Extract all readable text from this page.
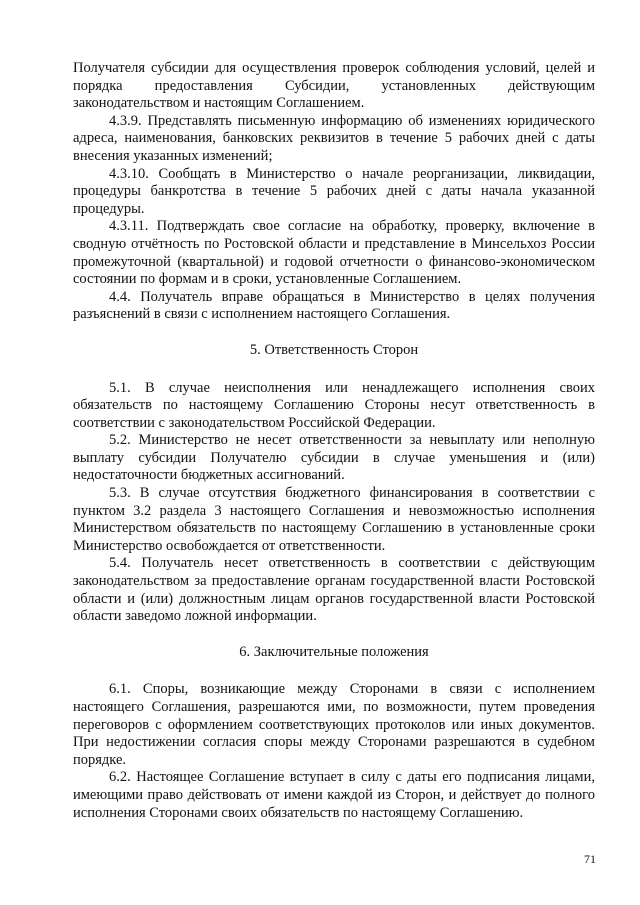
Получателя субсидии для осуществления проверок соблюдения условий, целей и порядка предоставления Субсидии, установленных действующим законодательством и настоящим Соглашением.

4.3.9. Представлять письменную информацию об изменениях юридического адреса, наименования, банковских реквизитов в течение 5 рабочих дней с даты внесения указанных изменений;

4.3.10. Сообщать в Министерство о начале реорганизации, ликвидации, процедуры банкротства в течение 5 рабочих дней с даты начала указанной процедуры.

4.3.11. Подтверждать свое согласие на обработку, проверку, включение в сводную отчётность по Ростовской области и представление в Минсельхоз России промежуточной (квартальной) и годовой отчетности о финансово-экономическом состоянии по формам и в сроки, установленные Соглашением.

4.4. Получатель вправе обращаться в Министерство в целях получения разъяснений в связи с исполнением настоящего Соглашения.

5. Ответственность Сторон

5.1. В случае неисполнения или ненадлежащего исполнения своих обязательств по настоящему Соглашению Стороны несут ответственность в соответствии с законодательством Российской Федерации.

5.2. Министерство не несет ответственности за невыплату или неполную выплату субсидии Получателю субсидии в случае уменьшения и (или) недостаточности бюджетных ассигнований.

5.3. В случае отсутствия бюджетного финансирования в соответствии с пунктом 3.2 раздела 3 настоящего Соглашения и невозможностью исполнения Министерством обязательств по настоящему Соглашению в установленные сроки Министерство освобождается от ответственности.

5.4. Получатель несет ответственность в соответствии с действующим законодательством за предоставление органам государственной власти Ростовской области и (или) должностным лицам органов государственной власти Ростовской области заведомо ложной информации.

6. Заключительные положения

6.1. Споры, возникающие между Сторонами в связи с исполнением настоящего Соглашения, разрешаются ими, по возможности, путем проведения переговоров с оформлением соответствующих протоколов или иных документов. При недостижении согласия споры между Сторонами разрешаются в судебном порядке.

6.2. Настоящее Соглашение вступает в силу с даты его подписания лицами, имеющими право действовать от имени каждой из Сторон, и действует до полного исполнения Сторонами своих обязательств по настоящему Соглашению.

71
